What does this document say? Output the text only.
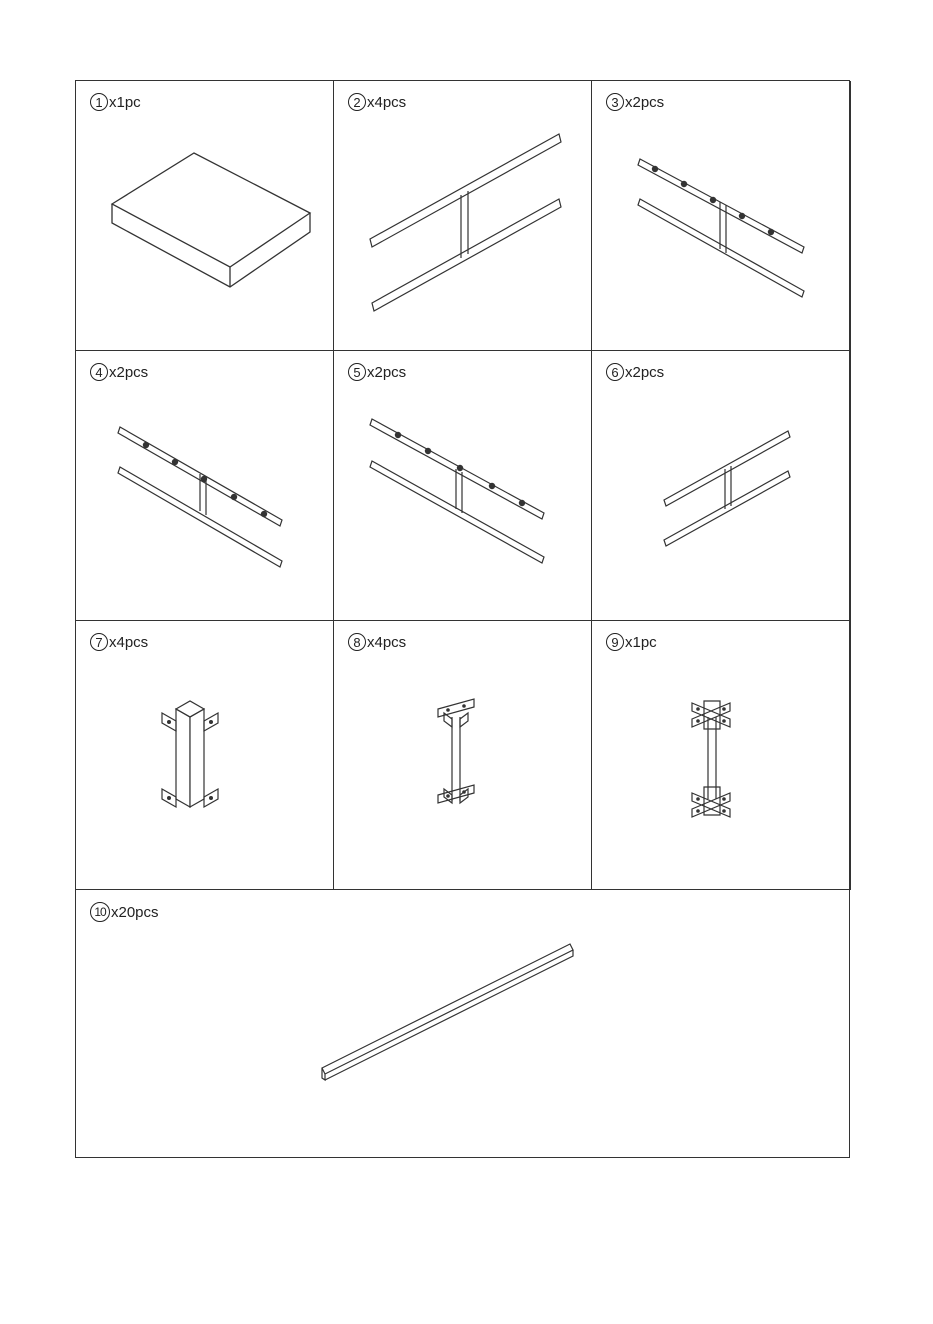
1 x1pc	2 x4pcs	3 x2pcs
4 x2pcs	5 x2pcs	6 x2pcs
7 x4pcs	8 x4pcs	9 x1pc
10 x20pcs
